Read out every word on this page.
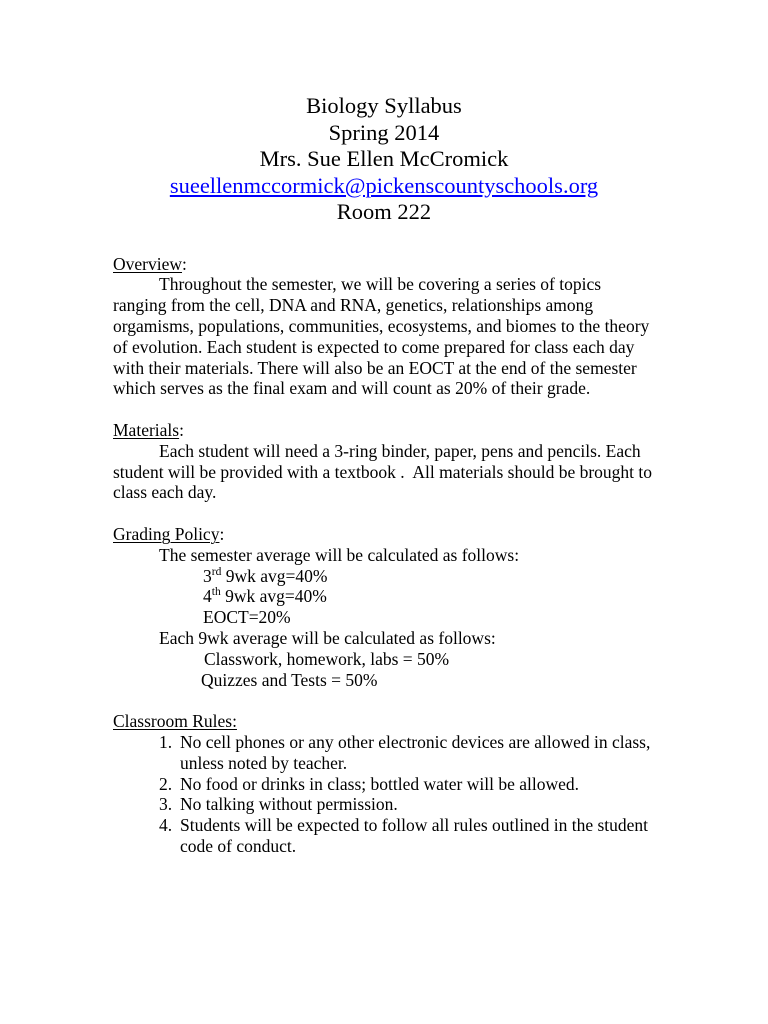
Biology Syllabus
Spring 2014
Mrs. Sue Ellen McCromick
sueellenmccormick@pickenscountyschools.org
Room 222
Overview:
Throughout the semester, we will be covering a series of topics
ranging from the cell, DNA and RNA, genetics, relationships among
orgamisms, populations, communities, ecosystems, and biomes to the theory
of evolution. Each student is expected to come prepared for class each day
with their materials. There will also be an EOCT at the end of the semester
which serves as the final exam and will count as 20% of their grade.
Materials:
Each student will need a 3-ring binder, paper, pens and pencils. Each
student will be provided with a textbook .  All materials should be brought to
class each day.
Grading Policy:
The semester average will be calculated as follows:
3rd 9wk avg=40%
4th 9wk avg=40%
EOCT=20%
Each 9wk average will be calculated as follows:
Classwork, homework, labs = 50%
Quizzes and Tests = 50%
Classroom Rules:
1. No cell phones or any other electronic devices are allowed in class,
unless noted by teacher.
2. No food or drinks in class; bottled water will be allowed.
3. No talking without permission.
4. Students will be expected to follow all rules outlined in the student
code of conduct.
